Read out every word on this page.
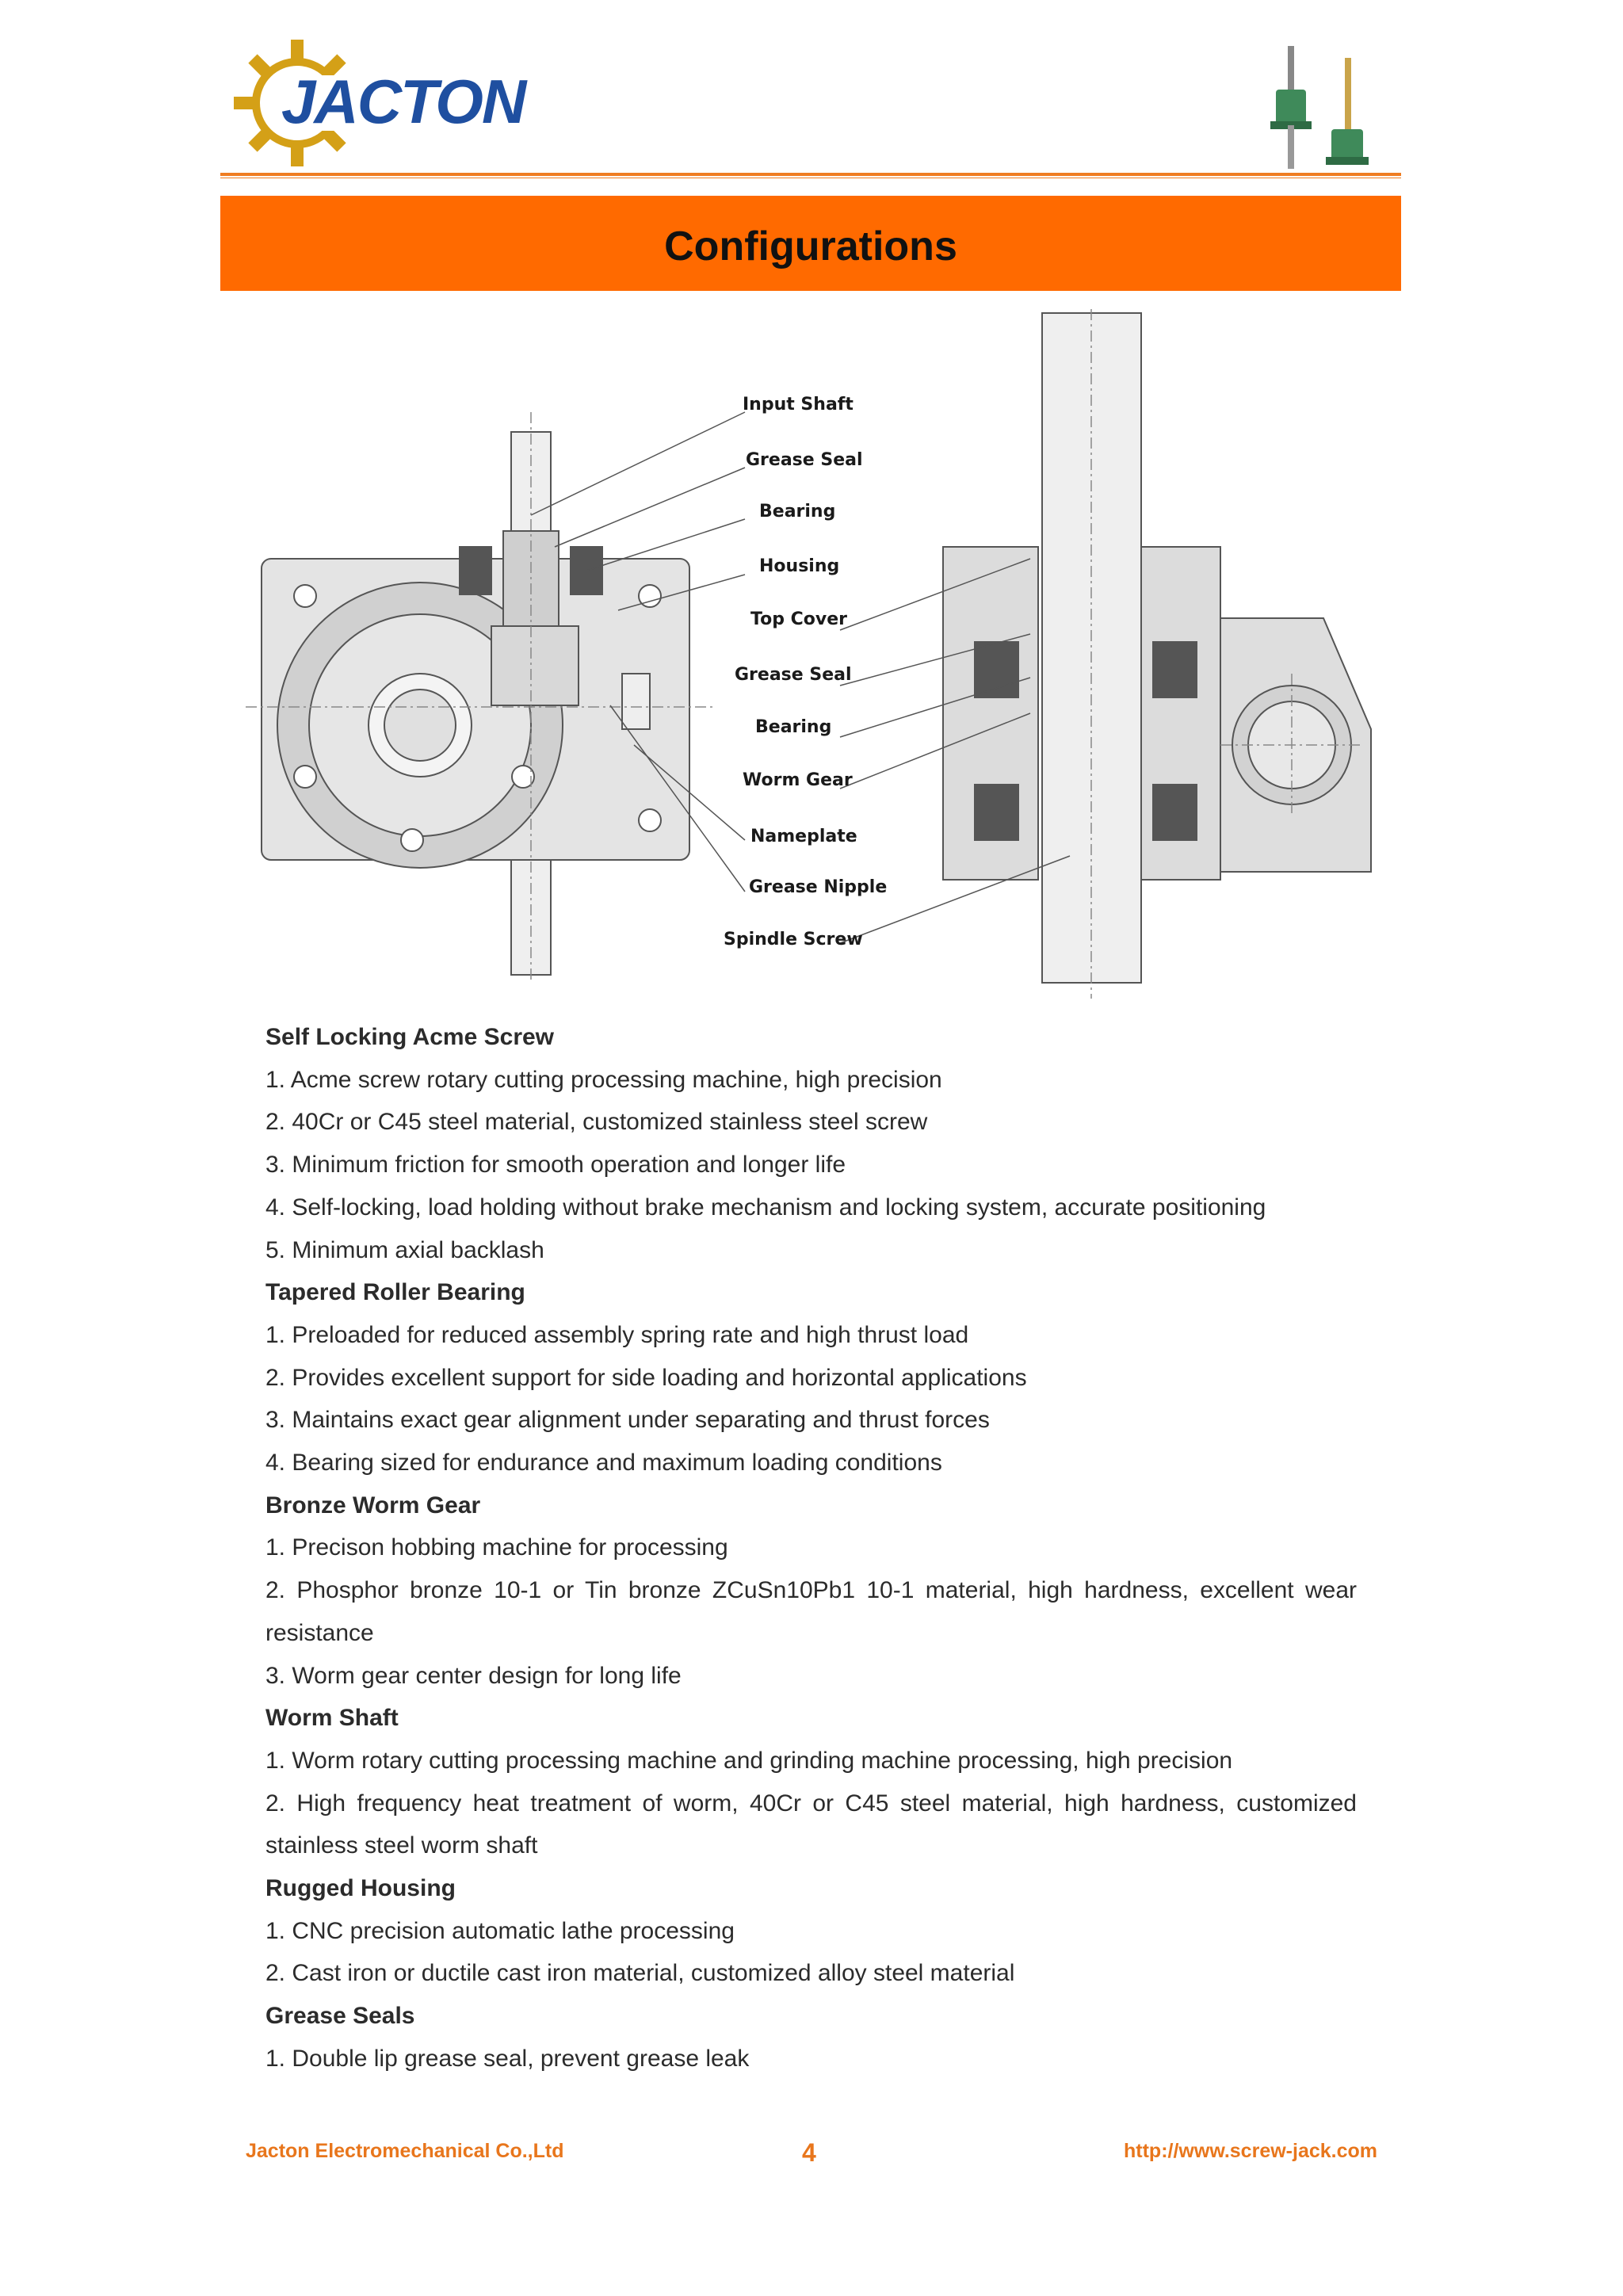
JACTON
Configurations
Input Shaft
Grease Seal
Bearing
Housing
Top Cover
Grease Seal
Bearing
Worm Gear
Nameplate
Grease Nipple
Spindle Screw
Self Locking Acme Screw
1. Acme screw rotary cutting processing machine, high precision
2. 40Cr or C45 steel material, customized stainless steel screw
3. Minimum friction for smooth operation and longer life
4. Self-locking, load holding without brake mechanism and locking system, accurate positioning
5. Minimum axial backlash
Tapered Roller Bearing
1. Preloaded for reduced assembly spring rate and high thrust load
2. Provides excellent support for side loading and horizontal applications
3. Maintains exact gear alignment under separating and thrust forces
4. Bearing sized for endurance and maximum loading conditions
Bronze Worm Gear
1. Precison hobbing machine for processing
2. Phosphor bronze 10-1 or Tin bronze ZCuSn10Pb1 10-1 material, high hardness, excellent wear resistance
3. Worm gear center design for long life
Worm Shaft
1. Worm rotary cutting processing machine and grinding machine processing, high precision
2. High frequency heat treatment of worm, 40Cr or C45 steel material, high hardness, customized stainless steel worm shaft
Rugged Housing
1. CNC precision automatic lathe processing
2. Cast iron or ductile cast iron material, customized alloy steel material
Grease Seals
1. Double lip grease seal, prevent grease leak
Jacton Electromechanical Co.,Ltd	4	http://www.screw-jack.com
